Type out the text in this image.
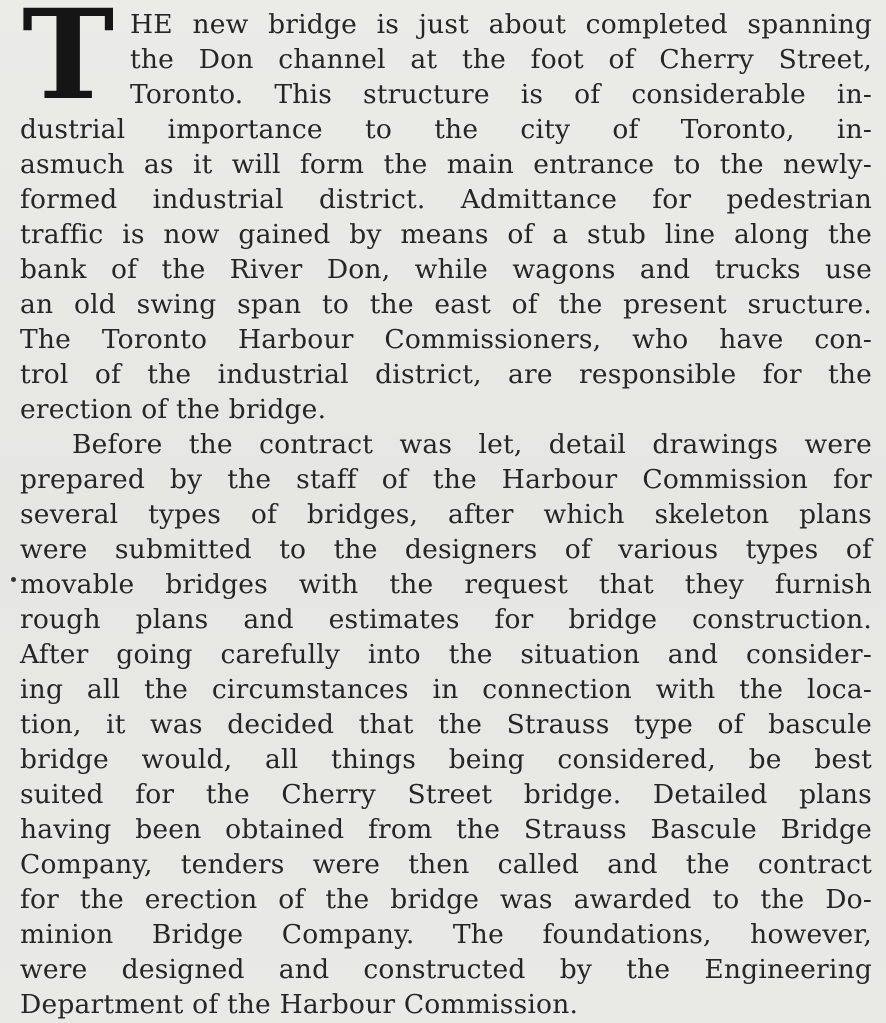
T HE new bridge is just about completed spanning
the Don channel at the foot of Cherry Street,
Toronto. This structure is of considerable in-
dustrial importance to the city of Toronto, in-
asmuch as it will form the main entrance to the newly-
formed industrial district. Admittance for pedestrian
traffic is now gained by means of a stub line along the
bank of the River Don, while wagons and trucks use
an old swing span to the east of the present sructure.
The Toronto Harbour Commissioners, who have con-
trol of the industrial district, are responsible for the
erection of the bridge.
Before the contract was let, detail drawings were
prepared by the staff of the Harbour Commission for
several types of bridges, after which skeleton plans
were submitted to the designers of various types of
movable bridges with the request that they furnish
rough plans and estimates for bridge construction.
After going carefully into the situation and consider-
ing all the circumstances in connection with the loca-
tion, it was decided that the Strauss type of bascule
bridge would, all things being considered, be best
suited for the Cherry Street bridge. Detailed plans
having been obtained from the Strauss Bascule Bridge
Company, tenders were then called and the contract
for the erection of the bridge was awarded to the Do-
minion Bridge Company. The foundations, however,
were designed and constructed by the Engineering
Department of the Harbour Commission.
